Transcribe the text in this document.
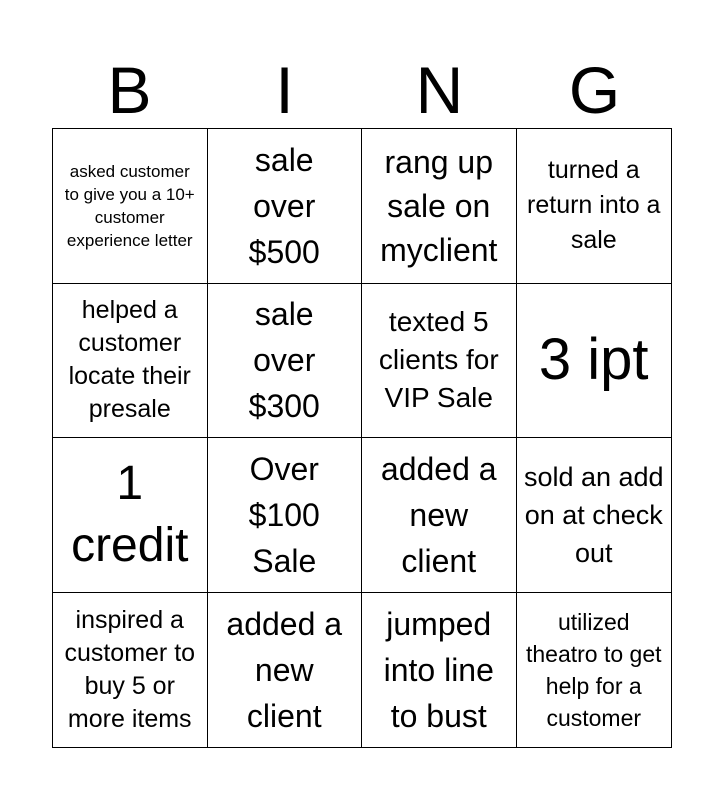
B	I	N	G
asked customer to give you a 10+ customer experience letter
sale over $500
rang up sale on myclient
turned a return into a sale
helped a customer locate their presale
sale over $300
texted 5 clients for VIP Sale
3 ipt
1 credit
Over $100 Sale
added a new client
sold an add on at check out
inspired a customer to buy 5 or more items
added a new client
jumped into line to bust
utilized theatro to get help for a customer
